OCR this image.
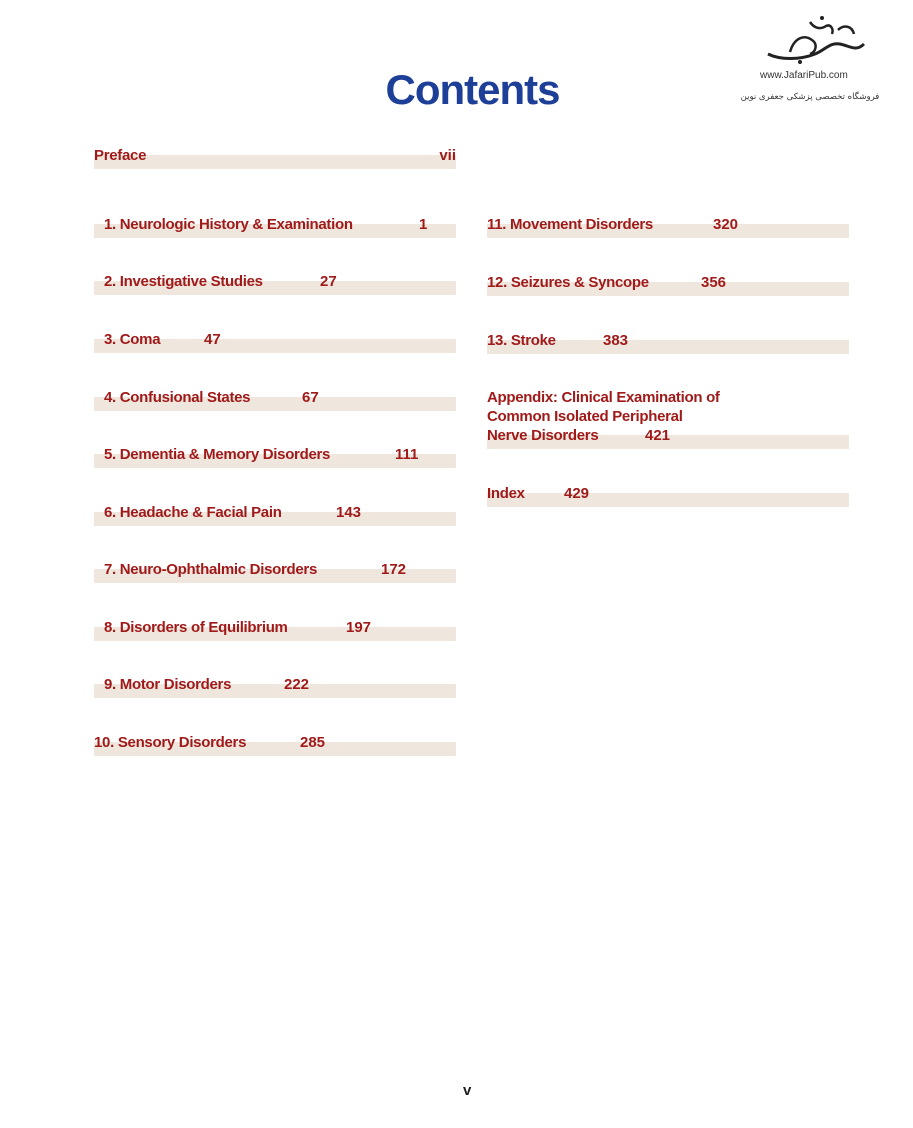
www.JafariPub.com
فروشگاه تخصصی پزشکی جعفری نوین
Contents
Preface	vii
1. Neurologic History & Examination	1
2. Investigative Studies	27
3. Coma	47
4. Confusional States	67
5. Dementia & Memory Disorders	111
6. Headache & Facial Pain	143
7. Neuro-Ophthalmic Disorders	172
8. Disorders of Equilibrium	197
9. Motor Disorders	222
10. Sensory Disorders	285
11. Movement Disorders	320
12. Seizures & Syncope	356
13. Stroke	383
Appendix: Clinical Examination of
Common Isolated Peripheral
Nerve Disorders	421
Index	429
v
